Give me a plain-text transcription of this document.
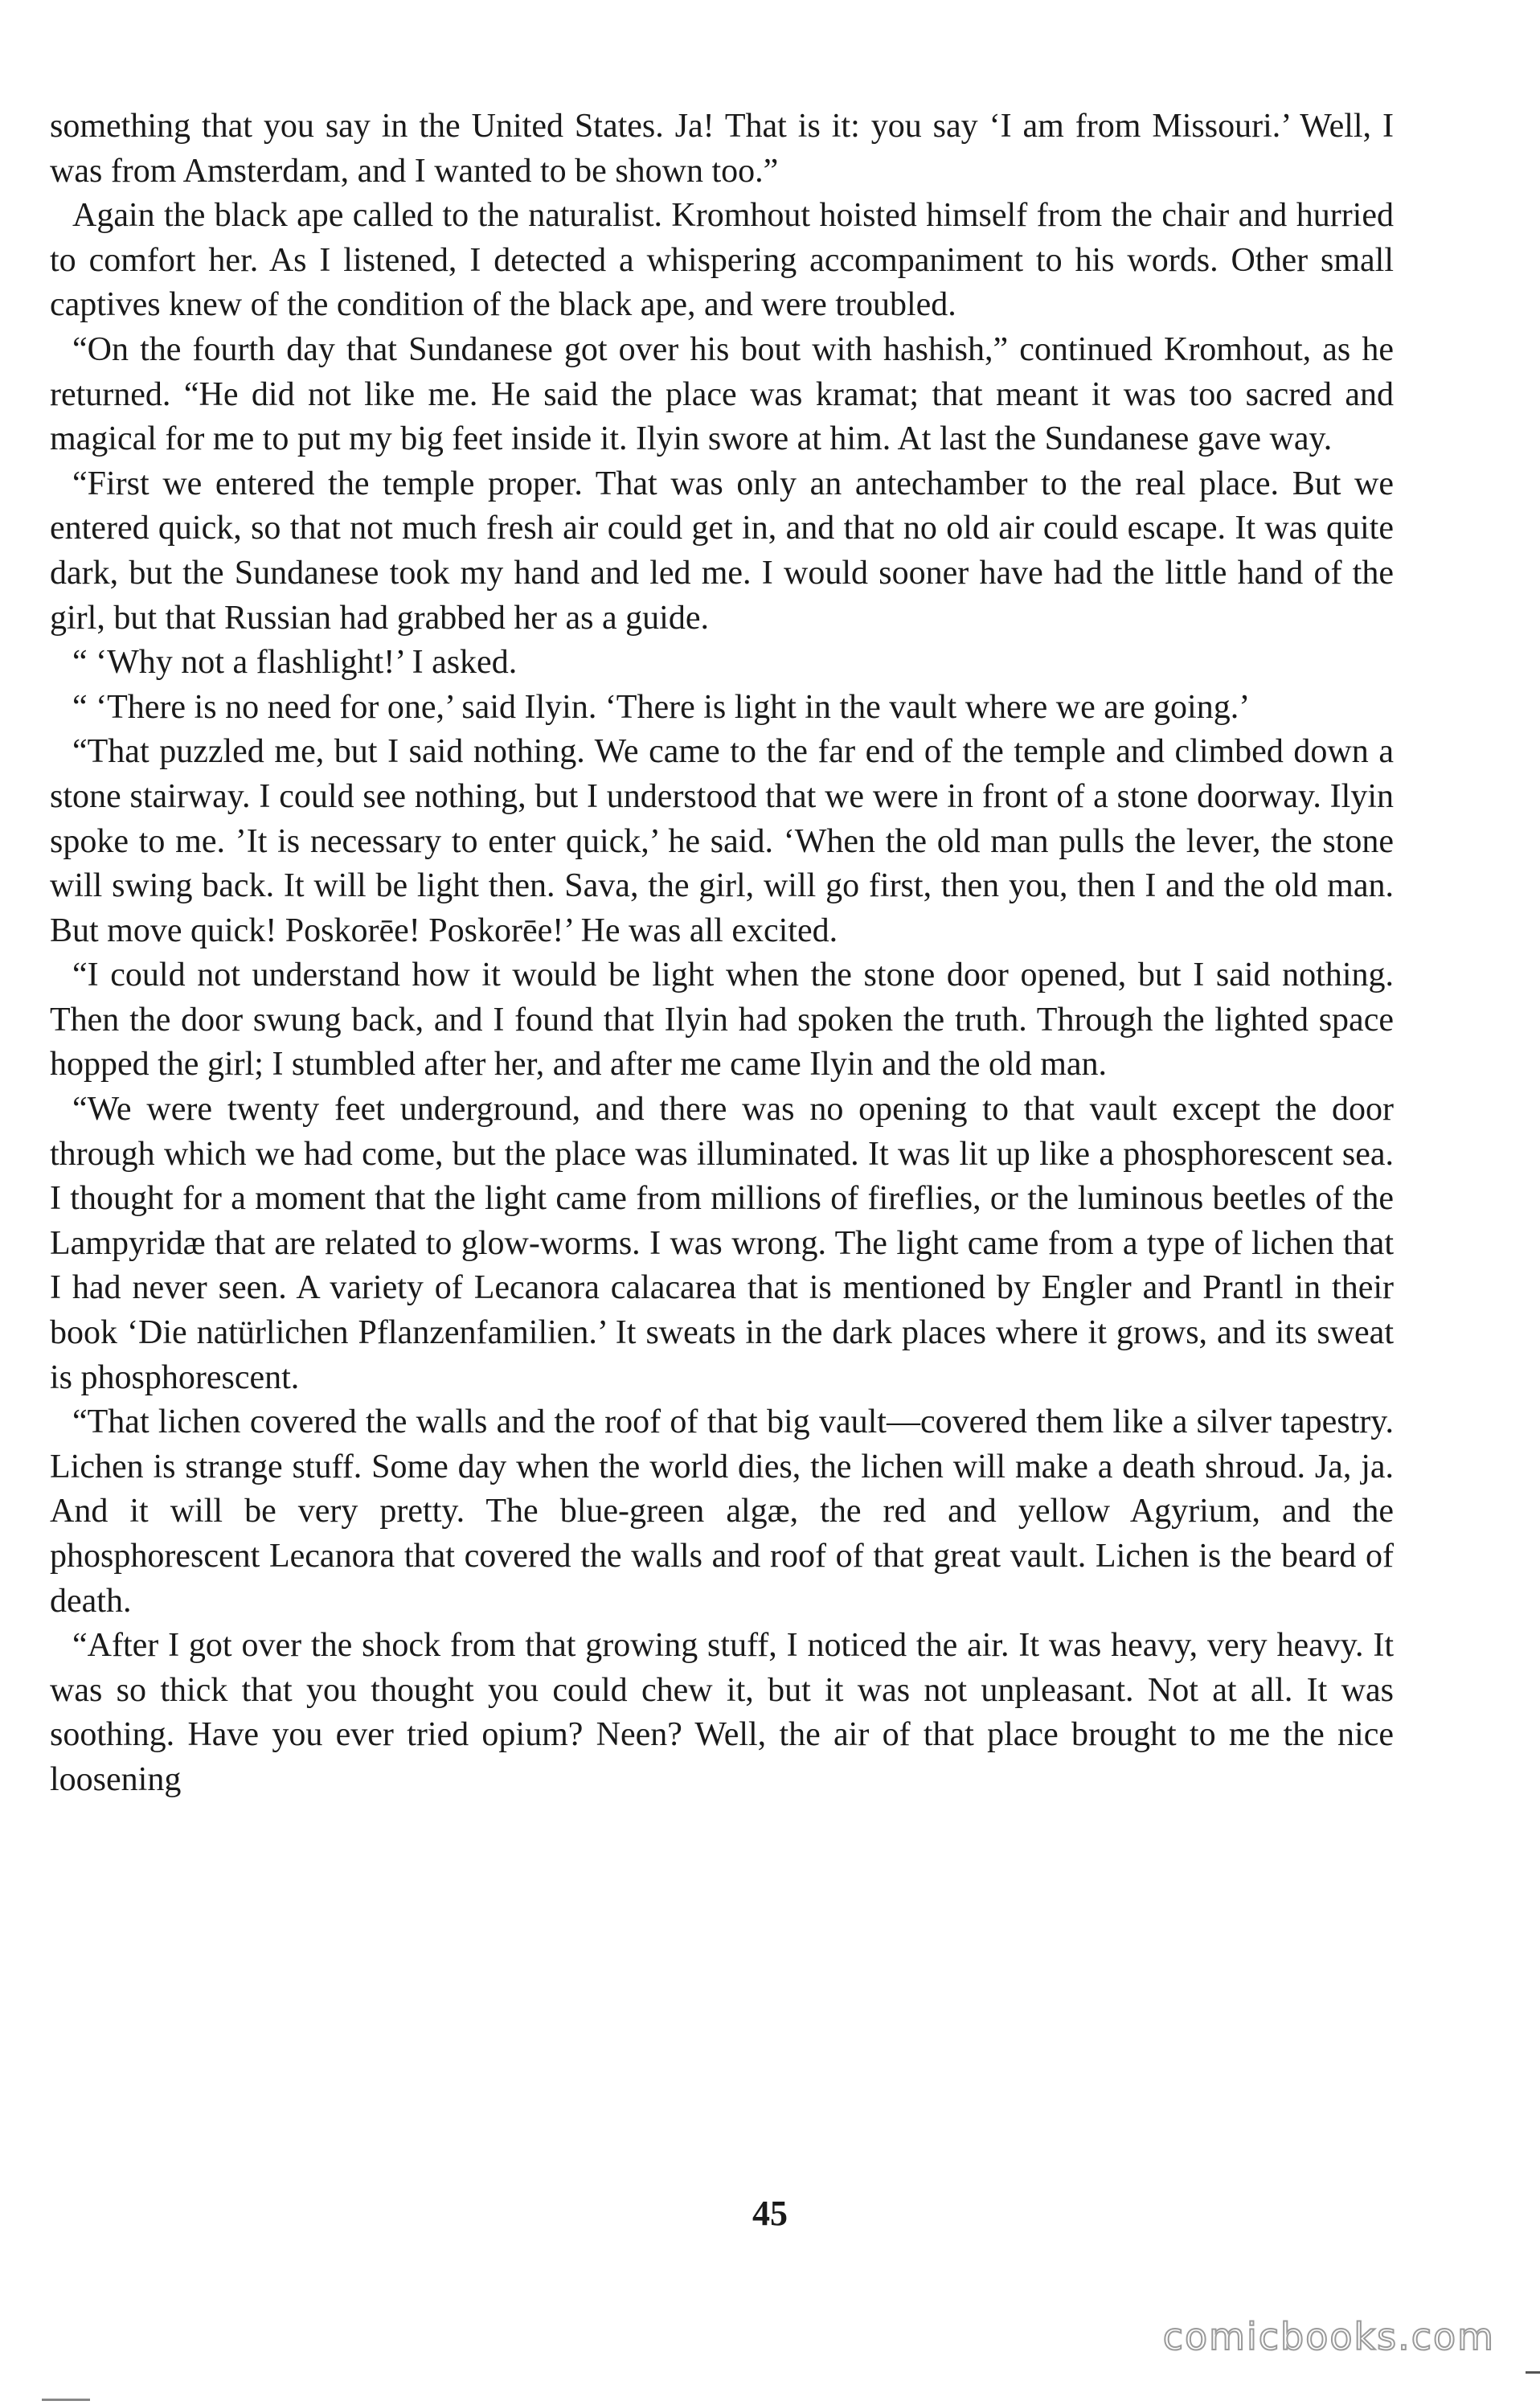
something that you say in the United States. Ja! That is it: you say ‘I am from Missouri.’ Well, I was from Amsterdam, and I wanted to be shown too.”

Again the black ape called to the naturalist. Kromhout hoisted himself from the chair and hurried to comfort her. As I listened, I detected a whispering accompaniment to his words. Other small captives knew of the condition of the black ape, and were troubled.

“On the fourth day that Sundanese got over his bout with hashish,” continued Kromhout, as he returned. “He did not like me. He said the place was kramat; that meant it was too sacred and magical for me to put my big feet inside it. Ilyin swore at him. At last the Sundanese gave way.

“First we entered the temple proper. That was only an antechamber to the real place. But we entered quick, so that not much fresh air could get in, and that no old air could escape. It was quite dark, but the Sundanese took my hand and led me. I would sooner have had the little hand of the girl, but that Russian had grabbed her as a guide.

“ ‘Why not a flashlight!’ I asked.

“ ‘There is no need for one,’ said Ilyin. ‘There is light in the vault where we are going.’

“That puzzled me, but I said nothing. We came to the far end of the temple and climbed down a stone stairway. I could see nothing, but I understood that we were in front of a stone doorway. Ilyin spoke to me. ’It is necessary to enter quick,’ he said. ‘When the old man pulls the lever, the stone will swing back. It will be light then. Sava, the girl, will go first, then you, then I and the old man. But move quick! Poskorēe! Poskorēe!’ He was all excited.

“I could not understand how it would be light when the stone door opened, but I said nothing. Then the door swung back, and I found that Ilyin had spoken the truth. Through the lighted space hopped the girl; I stumbled after her, and after me came Ilyin and the old man.

“We were twenty feet underground, and there was no opening to that vault except the door through which we had come, but the place was illuminated. It was lit up like a phosphorescent sea. I thought for a moment that the light came from millions of fireflies, or the luminous beetles of the Lampyridæ that are related to glow-worms. I was wrong. The light came from a type of lichen that I had never seen. A variety of Lecanora calacarea that is mentioned by Engler and Prantl in their book ‘Die natürlichen Pflanzenfamilien.’ It sweats in the dark places where it grows, and its sweat is phosphorescent.

“That lichen covered the walls and the roof of that big vault—covered them like a silver tapestry. Lichen is strange stuff. Some day when the world dies, the lichen will make a death shroud. Ja, ja. And it will be very pretty. The blue-green algæ, the red and yellow Agyrium, and the phosphorescent Lecanora that covered the walls and roof of that great vault. Lichen is the beard of death.

“After I got over the shock from that growing stuff, I noticed the air. It was heavy, very heavy. It was so thick that you thought you could chew it, but it was not unpleasant. Not at all. It was soothing. Have you ever tried opium? Neen? Well, the air of that place brought to me the nice loosening

45
comicbooks.com
